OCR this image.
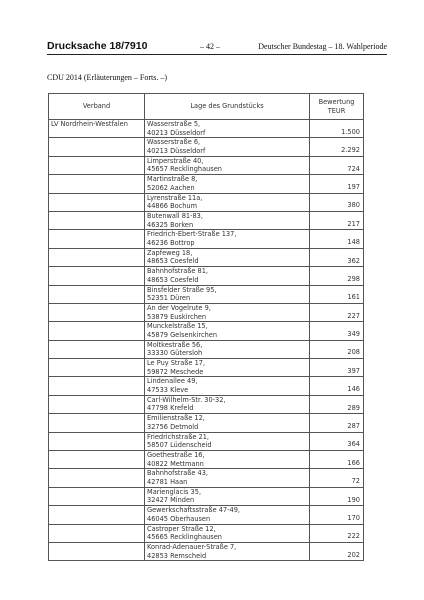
Drucksache 18/7910	– 42 –	Deutscher Bundestag – 18. Wahlperiode
CDU 2014 (Erläuterungen – Forts. –)
Verband	Lage des Grundstücks	Bewertung
TEUR
LV Nordrhein-Westfalen	Wasserstraße 5,
40213 Düsseldorf	1.500

	Wasserstraße 6,
40213 Düsseldorf	2.292

	Limperstraße 40,
45657 Recklinghausen	724

	Martinstraße 8,
52062 Aachen	197

	Lyrenstraße 11a,
44866 Bochum	380

	Butenwall 81-83,
46325 Borken	217

	Friedrich-Ebert-Straße 137,
46236 Bottrop	148

	Zapfeweg 18,
48653 Coesfeld	362

	Bahnhofstraße 81,
48653 Coesfeld	298

	Binsfelder Straße 95,
52351 Düren	161

	An der Vogelrute 9,
53879 Euskirchen	227

	Munckelstraße 15,
45879 Gelsenkirchen	349

	Moltkestraße 56,
33330 Gütersloh	208

	Le Puy Straße 17,
59872 Meschede	397

	Lindenallee 49,
47533 Kleve	146

	Carl-Wilhelm-Str. 30-32,
47798 Krefeld	289

	Emilienstraße 12,
32756 Detmold	287

	Friedrichstraße 21,
58507 Lüdenscheid	364

	Goethestraße 16,
40822 Mettmann	166

	Bahnhofstraße 43,
42781 Haan	72

	Marienglacis 35,
32427 Minden	190

	Gewerkschaftsstraße 47-49,
46045 Oberhausen	170

	Castroper Straße 12,
45665 Recklinghausen	222

	Konrad-Adenauer-Straße 7,
42853 Remscheid	202
